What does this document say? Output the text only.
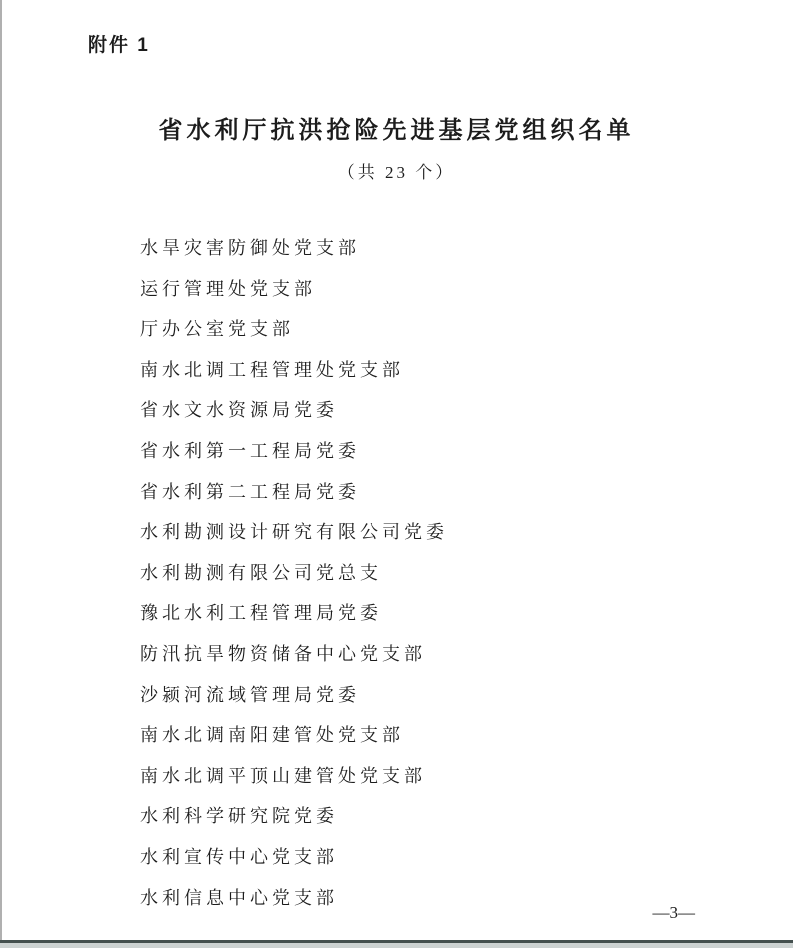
附件 1
省水利厅抗洪抢险先进基层党组织名单
（共 23 个）
水旱灾害防御处党支部
运行管理处党支部
厅办公室党支部
南水北调工程管理处党支部
省水文水资源局党委
省水利第一工程局党委
省水利第二工程局党委
水利勘测设计研究有限公司党委
水利勘测有限公司党总支
豫北水利工程管理局党委
防汛抗旱物资储备中心党支部
沙颍河流域管理局党委
南水北调南阳建管处党支部
南水北调平顶山建管处党支部
水利科学研究院党委
水利宣传中心党支部
水利信息中心党支部
—3—
